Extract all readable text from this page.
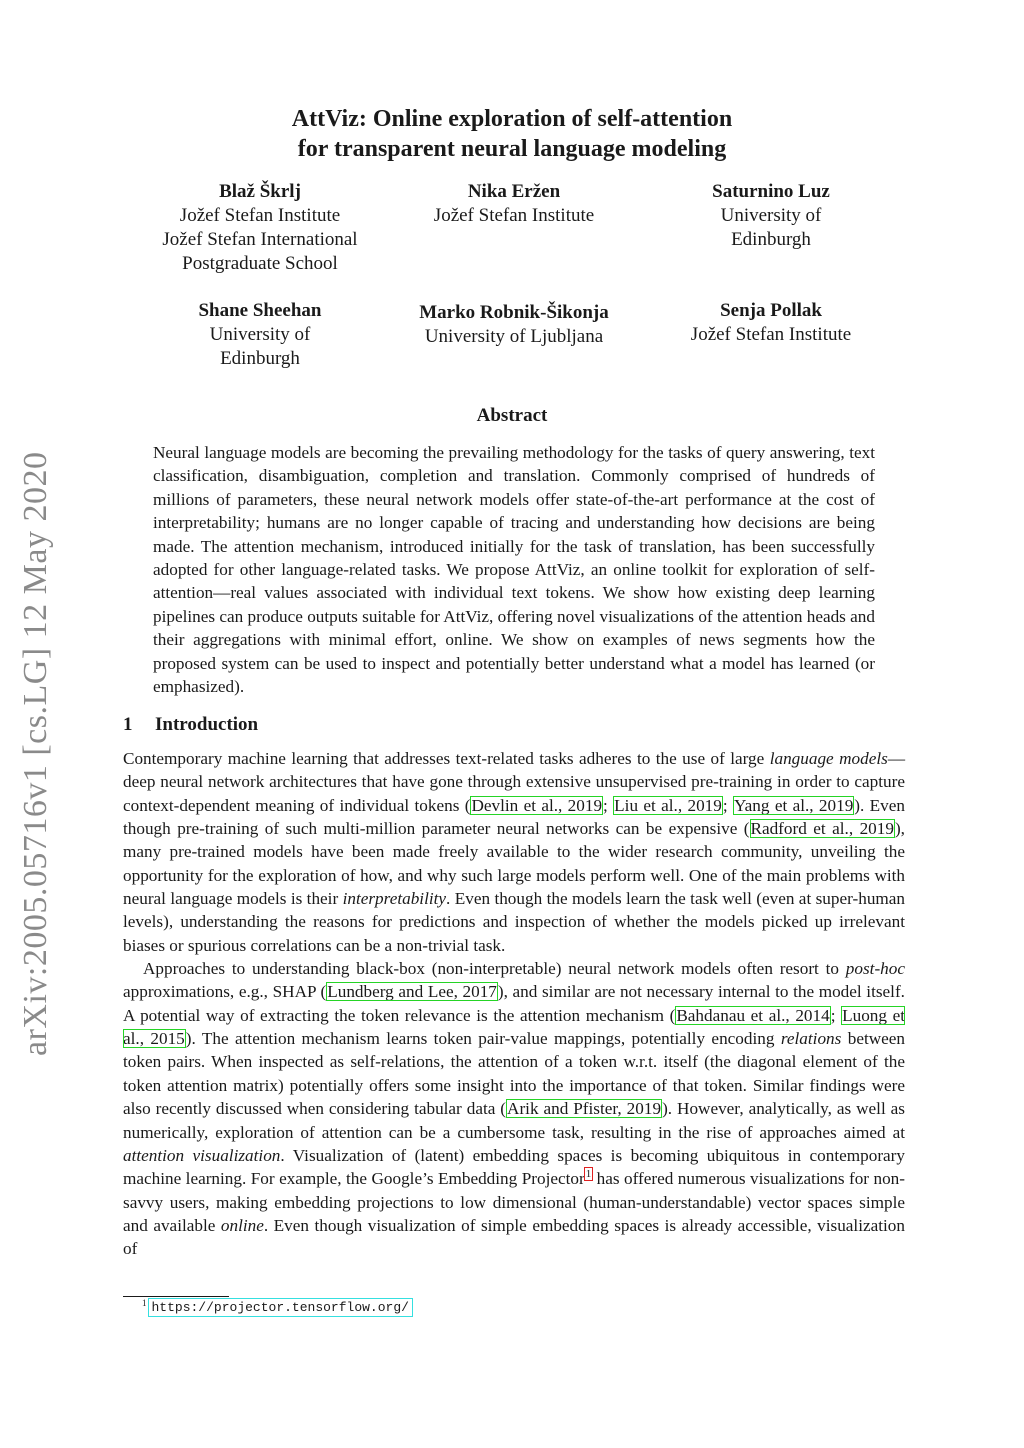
arXiv:2005.05716v1 [cs.LG] 12 May 2020
AttViz: Online exploration of self-attention
for transparent neural language modeling
Blaž Škrlj
Jožef Stefan Institute
Jožef Stefan International
Postgraduate School
Nika Eržen
Jožef Stefan Institute
Saturnino Luz
University of
Edinburgh
Shane Sheehan
University of
Edinburgh
Marko Robnik-Šikonja
University of Ljubljana
Senja Pollak
Jožef Stefan Institute
Abstract
Neural language models are becoming the prevailing methodology for the tasks of query answering, text classification, disambiguation, completion and translation. Commonly comprised of hundreds of millions of parameters, these neural network models offer state-of-the-art performance at the cost of interpretability; humans are no longer capable of tracing and understanding how decisions are being made. The attention mechanism, introduced initially for the task of translation, has been successfully adopted for other language-related tasks. We propose AttViz, an online toolkit for exploration of self-attention—real values associated with individual text tokens. We show how existing deep learning pipelines can produce outputs suitable for AttViz, offering novel visualizations of the attention heads and their aggregations with minimal effort, online. We show on examples of news segments how the proposed system can be used to inspect and potentially better understand what a model has learned (or emphasized).
1 Introduction

Contemporary machine learning that addresses text-related tasks adheres to the use of large language models—deep neural network architectures that have gone through extensive unsupervised pre-training in order to capture context-dependent meaning of individual tokens (Devlin et al., 2019; Liu et al., 2019; Yang et al., 2019). Even though pre-training of such multi-million parameter neural networks can be expensive (Radford et al., 2019), many pre-trained models have been made freely available to the wider research community, unveiling the opportunity for the exploration of how, and why such large models perform well. One of the main problems with neural language models is their interpretability. Even though the models learn the task well (even at super-human levels), understanding the reasons for predictions and inspection of whether the models picked up irrelevant biases or spurious correlations can be a non-trivial task.

Approaches to understanding black-box (non-interpretable) neural network models often resort to post-hoc approximations, e.g., SHAP (Lundberg and Lee, 2017), and similar are not necessary internal to the model itself. A potential way of extracting the token relevance is the attention mechanism (Bahdanau et al., 2014; Luong et al., 2015). The attention mechanism learns token pair-value mappings, potentially encoding relations between token pairs. When inspected as self-relations, the attention of a token w.r.t. itself (the diagonal element of the token attention matrix) potentially offers some insight into the importance of that token. Similar findings were also recently discussed when considering tabular data (Arik and Pfister, 2019). However, analytically, as well as numerically, exploration of attention can be a cumbersome task, resulting in the rise of approaches aimed at attention visualization. Visualization of (latent) embedding spaces is becoming ubiquitous in contemporary machine learning. For example, the Google’s Embedding Projector$^1$ has offered numerous visualizations for non-savvy users, making embedding projections to low dimensional (human-understandable) vector spaces simple and available online. Even though visualization of simple embedding spaces is already accessible, visualization of

$^1$ https://projector.tensorflow.org/
